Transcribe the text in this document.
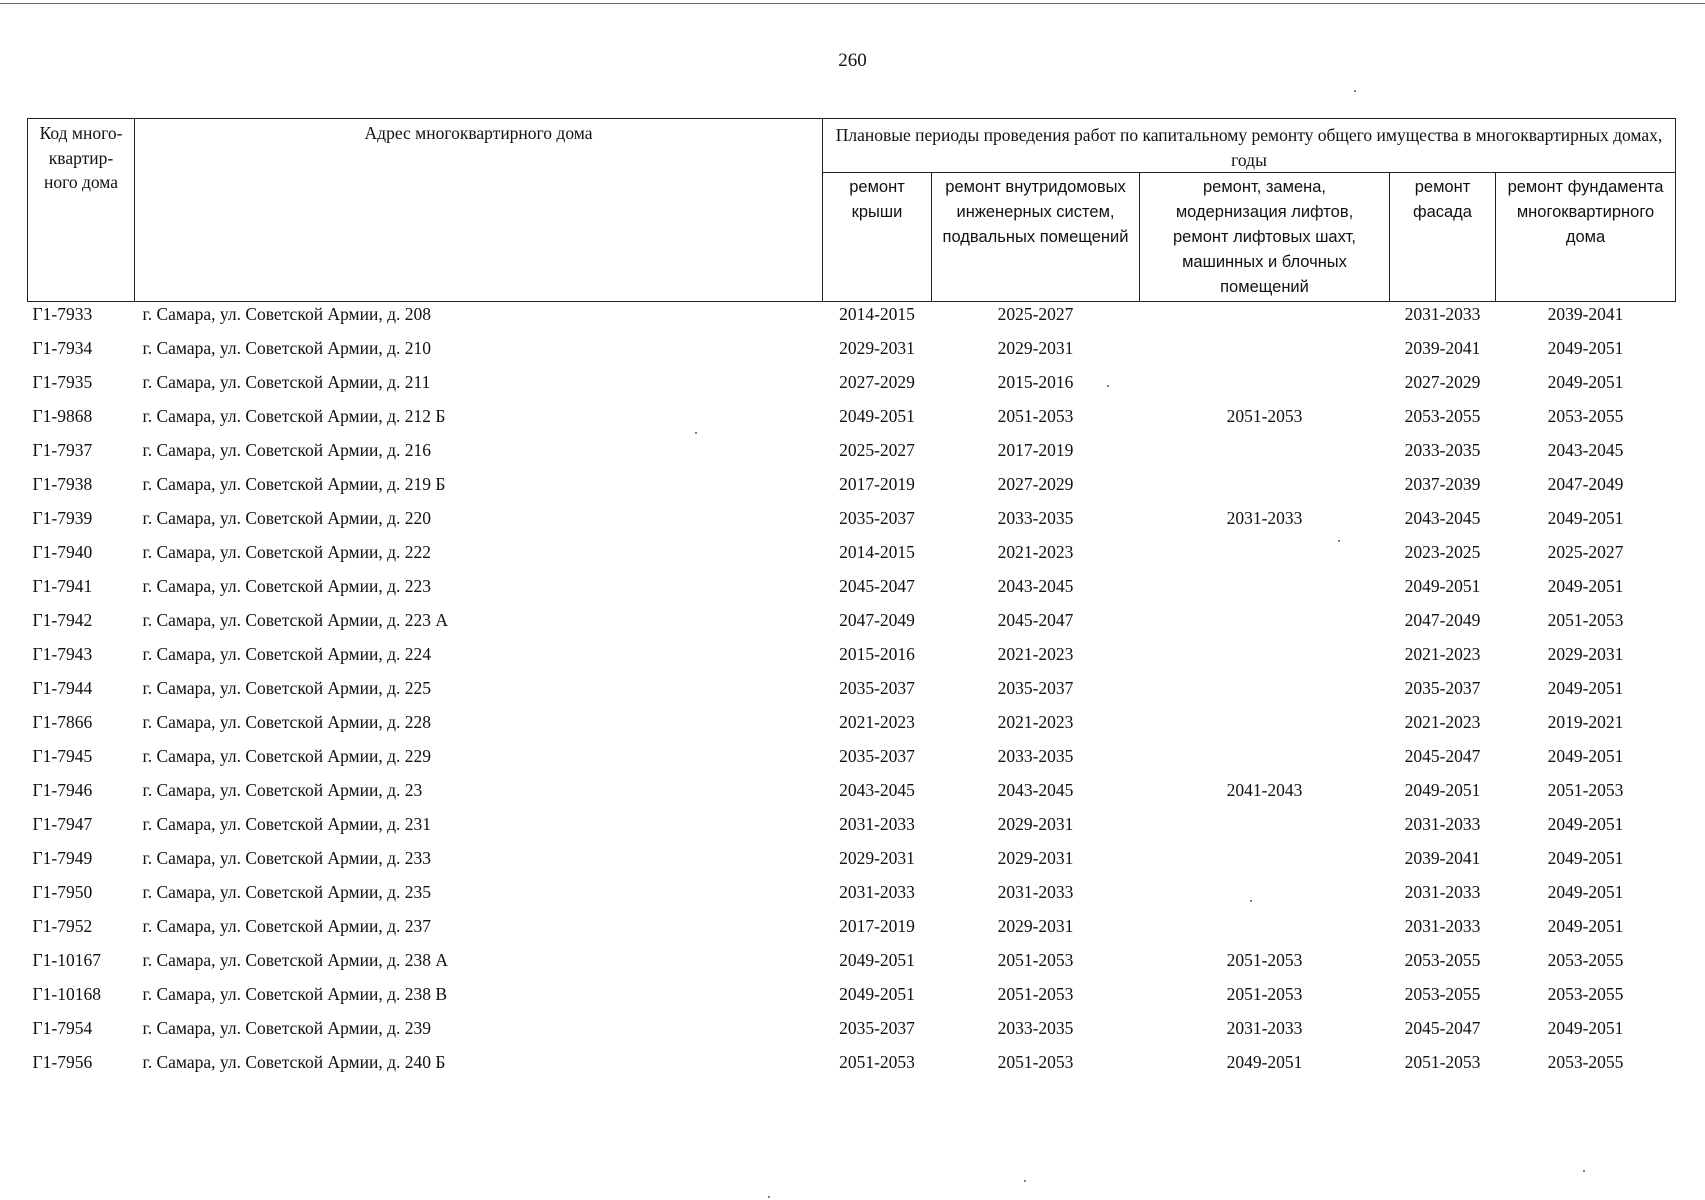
260
Код много-квартир-ного дома	Адрес многоквартирного дома	Плановые периоды проведения работ по капитальному ремонту общего имущества в многоквартирных домах, годы				

		ремонт крыши	ремонт внутридомовых инженерных систем, подвальных помещений	ремонт, замена, модернизация лифтов, ремонт лифтовых шахт, машинных и блочных помещений	ремонт фасада	ремонт фундамента многоквартирного дома

Г1-7933	г. Самара, ул. Советской Армии, д. 208	2014-2015	2025-2027		2031-2033	2039-2041
Г1-7934	г. Самара, ул. Советской Армии, д. 210	2029-2031	2029-2031		2039-2041	2049-2051
Г1-7935	г. Самара, ул. Советской Армии, д. 211	2027-2029	2015-2016		2027-2029	2049-2051
Г1-9868	г. Самара, ул. Советской Армии, д. 212 Б	2049-2051	2051-2053	2051-2053	2053-2055	2053-2055
Г1-7937	г. Самара, ул. Советской Армии, д. 216	2025-2027	2017-2019		2033-2035	2043-2045
Г1-7938	г. Самара, ул. Советской Армии, д. 219 Б	2017-2019	2027-2029		2037-2039	2047-2049
Г1-7939	г. Самара, ул. Советской Армии, д. 220	2035-2037	2033-2035	2031-2033	2043-2045	2049-2051
Г1-7940	г. Самара, ул. Советской Армии, д. 222	2014-2015	2021-2023		2023-2025	2025-2027
Г1-7941	г. Самара, ул. Советской Армии, д. 223	2045-2047	2043-2045		2049-2051	2049-2051
Г1-7942	г. Самара, ул. Советской Армии, д. 223 А	2047-2049	2045-2047		2047-2049	2051-2053
Г1-7943	г. Самара, ул. Советской Армии, д. 224	2015-2016	2021-2023		2021-2023	2029-2031
Г1-7944	г. Самара, ул. Советской Армии, д. 225	2035-2037	2035-2037		2035-2037	2049-2051
Г1-7866	г. Самара, ул. Советской Армии, д. 228	2021-2023	2021-2023		2021-2023	2019-2021
Г1-7945	г. Самара, ул. Советской Армии, д. 229	2035-2037	2033-2035		2045-2047	2049-2051
Г1-7946	г. Самара, ул. Советской Армии, д. 23	2043-2045	2043-2045	2041-2043	2049-2051	2051-2053
Г1-7947	г. Самара, ул. Советской Армии, д. 231	2031-2033	2029-2031		2031-2033	2049-2051
Г1-7949	г. Самара, ул. Советской Армии, д. 233	2029-2031	2029-2031		2039-2041	2049-2051
Г1-7950	г. Самара, ул. Советской Армии, д. 235	2031-2033	2031-2033		2031-2033	2049-2051
Г1-7952	г. Самара, ул. Советской Армии, д. 237	2017-2019	2029-2031		2031-2033	2049-2051
Г1-10167	г. Самара, ул. Советской Армии, д. 238 А	2049-2051	2051-2053	2051-2053	2053-2055	2053-2055
Г1-10168	г. Самара, ул. Советской Армии, д. 238 В	2049-2051	2051-2053	2051-2053	2053-2055	2053-2055
Г1-7954	г. Самара, ул. Советской Армии, д. 239	2035-2037	2033-2035	2031-2033	2045-2047	2049-2051
Г1-7956	г. Самара, ул. Советской Армии, д. 240 Б	2051-2053	2051-2053	2049-2051	2051-2053	2053-2055
